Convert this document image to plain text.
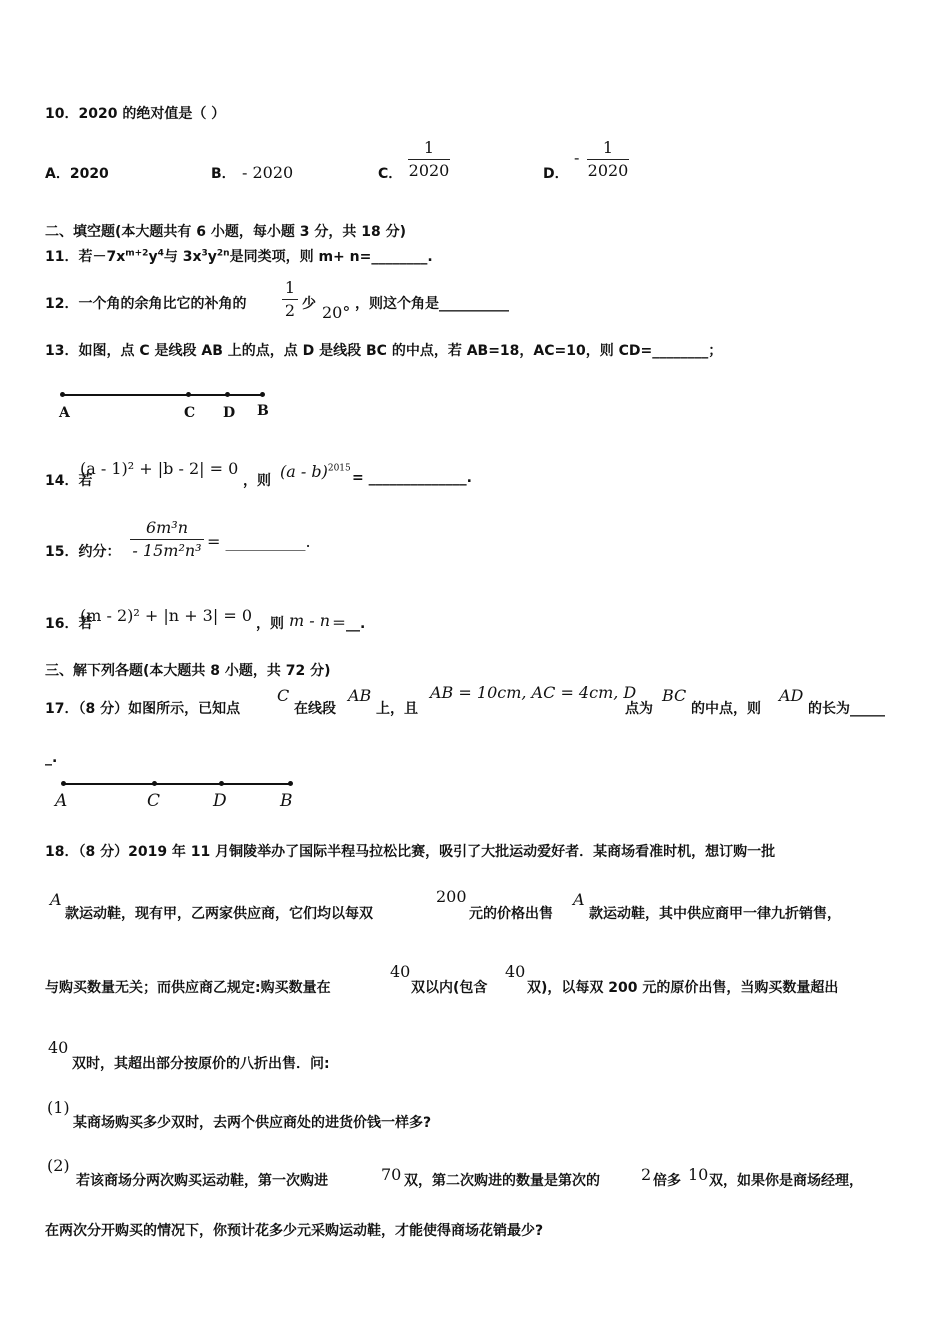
10．2020 的绝对值是（ ）
A．2020	B． - 2020	C．
1
2020	D．
-
1
2020
二、填空题(本大题共有 6 小题，每小题 3 分，共 18 分)
11．若$-7x^{m+2}y^4$与 $3x^3y^{2n}$是同类项，则 m+ n=________.
12．一个角的余角比它的补角的
1
2 少 20° ，则这个角是__________
13．如图，点 C 是线段 AB 上的点，点 D 是线段 BC 的中点，若 AB=18，AC=10，则 CD=________；
A	C D B
14．若
(a - 1)² + |b - 2| = 0
，则 (a - b)$^{2015}$
= ______________.
15．约分：
6m³n
- 15m²n³ = __________.
16．若
(m - 2)² + |n + 3| = 0 ，则 m - n ＝__.
三、解下列各题(本大题共 8 小题，共 72 分)
17．（8 分）如图所示，已知点
C
在线段
AB
上，且
AB = 10cm, AC = 4cm, D
点为
BC
的中点，则
AD
的长为_____
_.
A	C	D	B
18．（8 分）2019 年 11 月铜陵举办了国际半程马拉松比赛，吸引了大批运动爱好者．某商场看准时机，想订购一批
A
款运动鞋，现有甲，乙两家供应商，它们均以每双
200
元的价格出售
A
款运动鞋，其中供应商甲一律九折销售，
与购买数量无关；而供应商乙规定:购买数量在
40
双以内(包含
40
双)，以每双 200 元的原价出售，当购买数量超出
40
双时，其超出部分按原价的八折出售．问:
(1)
某商场购买多少双时，去两个供应商处的进货价钱一样多?
(2)
若该商场分两次购买运动鞋，第一次购进	70 双，第二次购进的数量是第次的	2 倍多 10 双，如果你是商场经理，
在两次分开购买的情况下，你预计花多少元采购运动鞋，才能使得商场花销最少?
